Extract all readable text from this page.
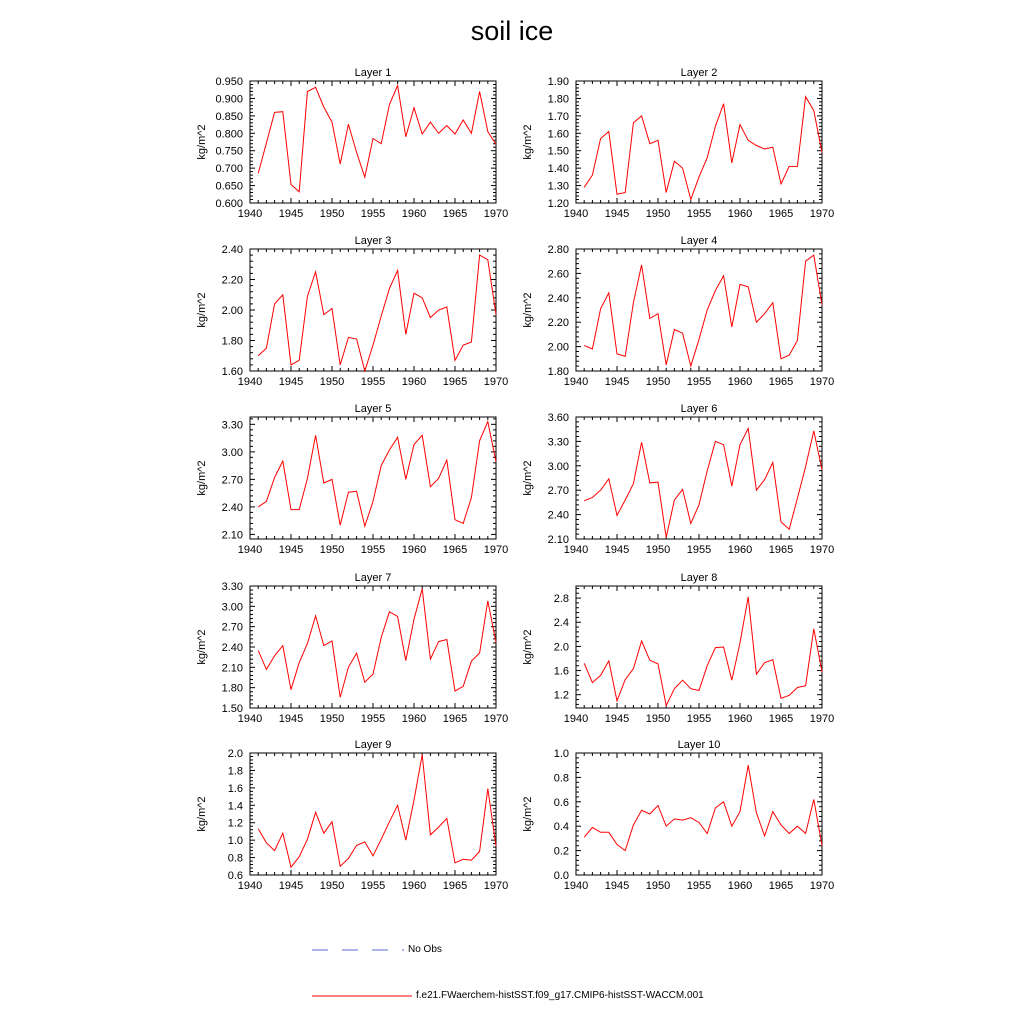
soil ice
Layer 1
kg/m^2
1940 1945 1950 1955 1960 1965 1970
0.600
0.650
0.700
0.750
0.800
0.850
0.900
0.950
Layer 2
kg/m^2
1940 1945 1950 1955 1960 1965 1970
1.20
1.30
1.40
1.50
1.60
1.70
1.80
1.90
Layer 3
kg/m^2
1940 1945 1950 1955 1960 1965 1970
1.60
1.80
2.00
2.20
2.40
Layer 4
kg/m^2
1940 1945 1950 1955 1960 1965 1970
1.80
2.00
2.20
2.40
2.60
2.80
Layer 5
kg/m^2
1940 1945 1950 1955 1960 1965 1970
2.10
2.40
2.70
3.00
3.30
Layer 6
kg/m^2
1940 1945 1950 1955 1960 1965 1970
2.10
2.40
2.70
3.00
3.30
3.60
Layer 7
kg/m^2
1940 1945 1950 1955 1960 1965 1970
1.50
1.80
2.10
2.40
2.70
3.00
3.30
Layer 8
kg/m^2
1940 1945 1950 1955 1960 1965 1970
1.2
1.6
2.0
2.4
2.8
Layer 9
kg/m^2
1940 1945 1950 1955 1960 1965 1970
0.6
0.8
1.0
1.2
1.4
1.6
1.8
2.0
Layer 10
kg/m^2
1940 1945 1950 1955 1960 1965 1970
0.0
0.2
0.4
0.6
0.8
1.0
No Obs
f.e21.FWaerchem-histSST.f09_g17.CMIP6-histSST-WACCM.001
